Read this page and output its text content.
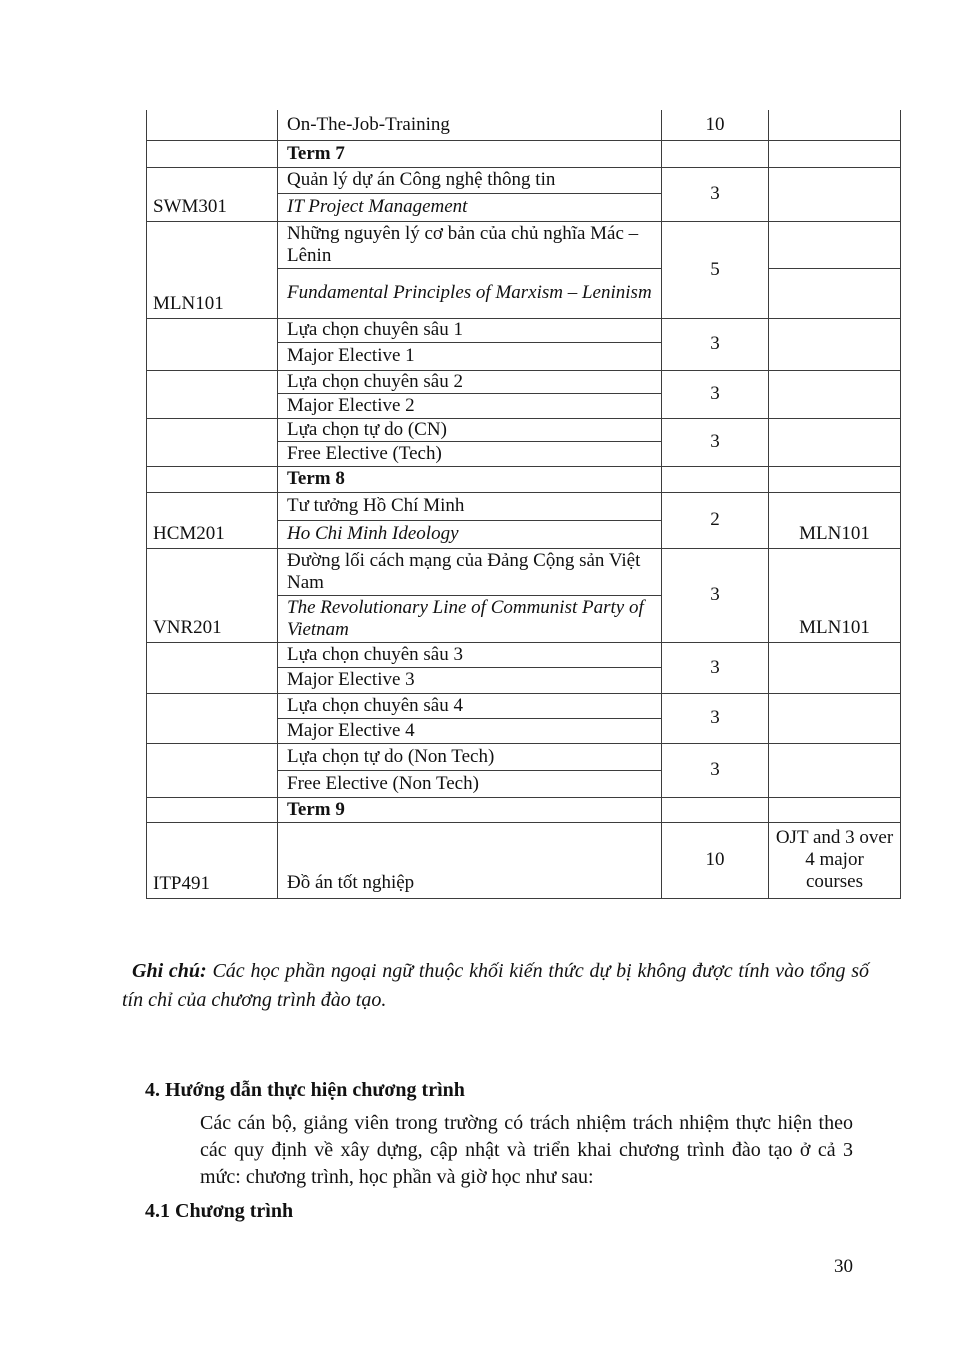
	On-The-Job-Training	10	
	Term 7		
SWM301	Quản lý dự án Công nghệ thông tin	3	
	IT Project Management		
MLN101	Những nguyên lý cơ bản của chủ nghĩa Mác – Lênin	5	
	Fundamental Principles of Marxism – Leninism		
	Lựa chọn chuyên sâu 1	3	
	Major Elective 1		
	Lựa chọn chuyên sâu 2	3	
	Major Elective 2		
	Lựa chọn tự do (CN)	3	
	Free Elective (Tech)		
	Term 8		
HCM201	Tư tưởng Hồ Chí Minh	2	MLN101
	Ho Chi Minh Ideology		
VNR201	Đường lối cách mạng của Đảng Cộng sản Việt Nam	3	MLN101
	The Revolutionary Line of Communist Party of Vietnam		
	Lựa chọn chuyên sâu 3	3	
	Major Elective 3		
	Lựa chọn chuyên sâu 4	3	
	Major Elective 4		
	Lựa chọn tự do (Non Tech)	3	
	Free Elective (Non Tech)		
	Term 9		
ITP491	Đồ án tốt nghiệp	10	OJT and 3 over 4 major courses
Ghi chú: Các học phần ngoại ngữ thuộc khối kiến thức dự bị không được tính vào tổng số tín chỉ của chương trình đào tạo.
4. Hướng dẫn thực hiện chương trình
Các cán bộ, giảng viên trong trường có trách nhiệm trách nhiệm thực hiện theo các quy định về xây dựng, cập nhật và triển khai chương trình đào tạo ở cả 3 mức: chương trình, học phần và giờ học như sau:
4.1 Chương trình
30
